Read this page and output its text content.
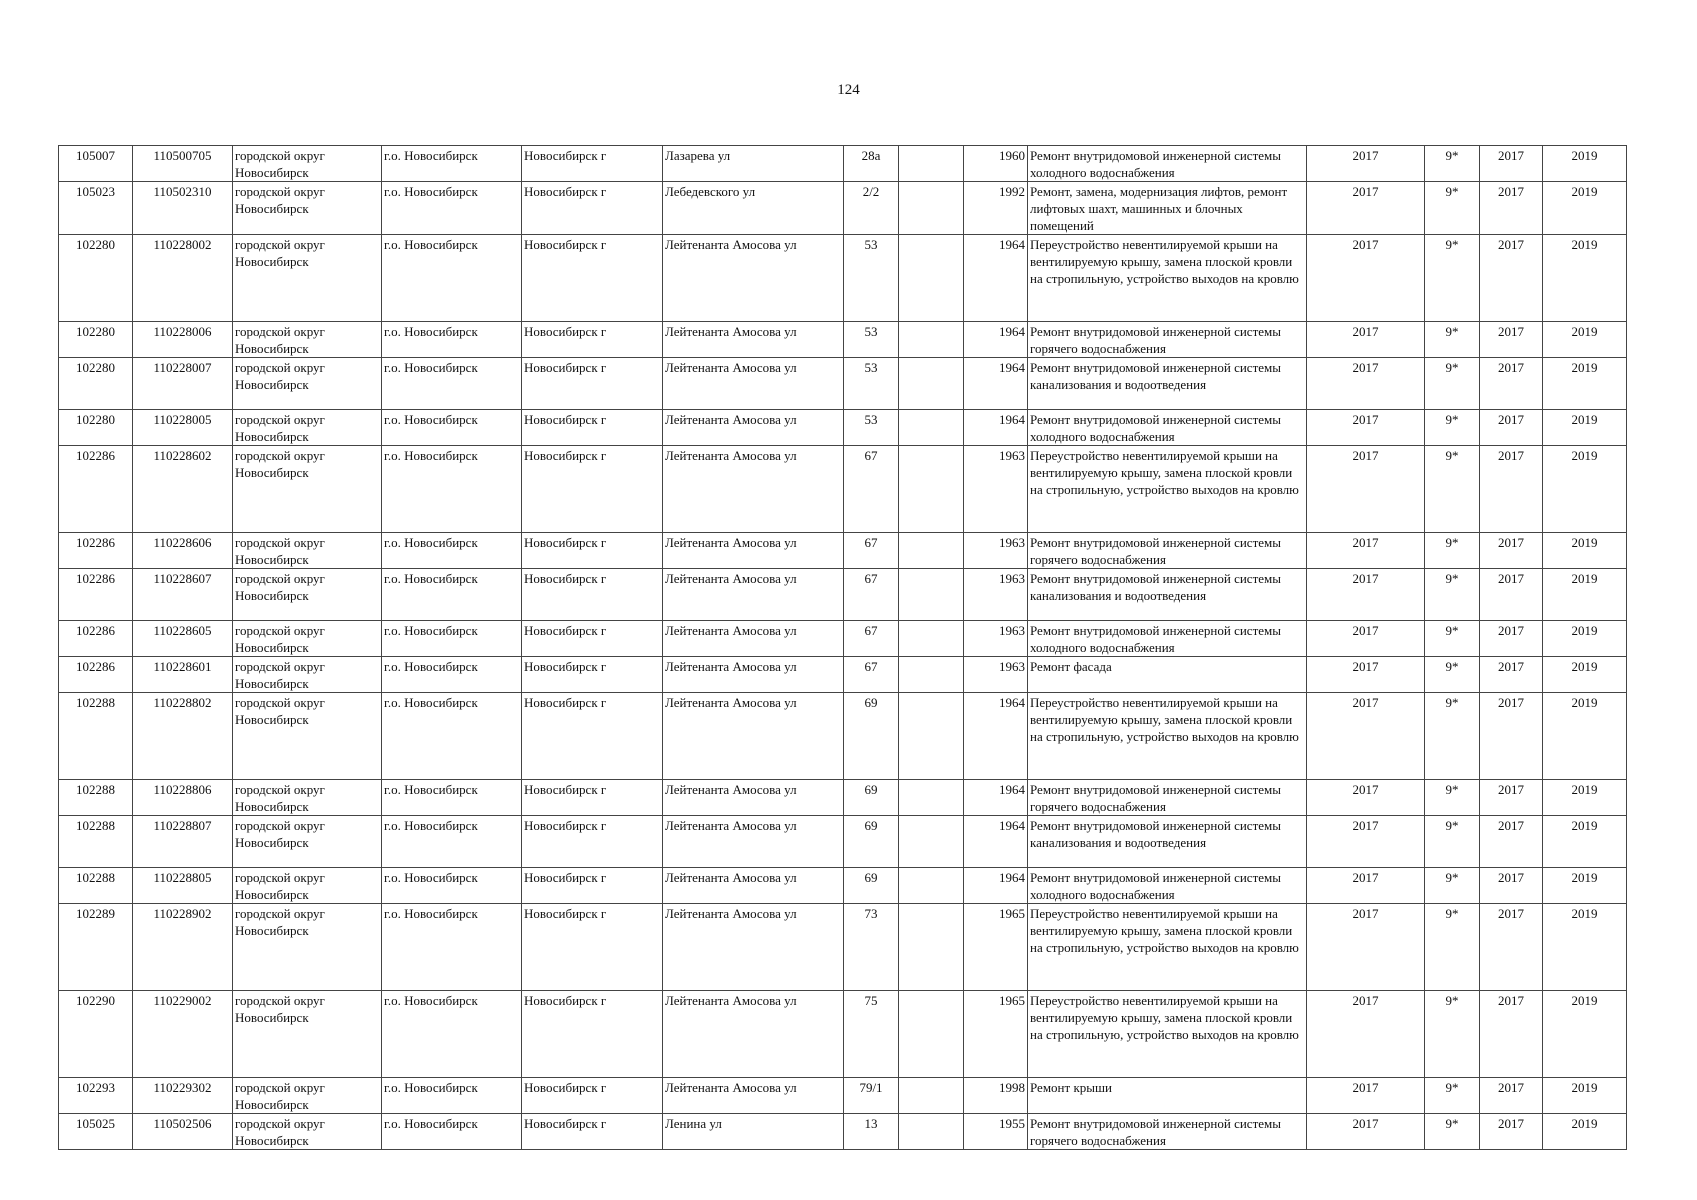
124
105007	110500705	городской округ Новосибирск	г.о. Новосибирск	Новосибирск г	Лазарева ул	28а		1960	Ремонт внутридомовой инженерной системы холодного водоснабжения	2017	9*	2017	2019
105023	110502310	городской округ Новосибирск	г.о. Новосибирск	Новосибирск г	Лебедевского ул	2/2		1992	Ремонт, замена, модернизация лифтов, ремонт лифтовых шахт, машинных и блочных помещений	2017	9*	2017	2019
102280	110228002	городской округ Новосибирск	г.о. Новосибирск	Новосибирск г	Лейтенанта Амосова ул	53		1964	Переустройство невентилируемой крыши на вентилируемую крышу, замена плоской кровли на стропильную, устройство выходов на кровлю	2017	9*	2017	2019
102280	110228006	городской округ Новосибирск	г.о. Новосибирск	Новосибирск г	Лейтенанта Амосова ул	53		1964	Ремонт внутридомовой инженерной системы горячего водоснабжения	2017	9*	2017	2019
102280	110228007	городской округ Новосибирск	г.о. Новосибирск	Новосибирск г	Лейтенанта Амосова ул	53		1964	Ремонт внутридомовой инженерной системы канализования и водоотведения	2017	9*	2017	2019
102280	110228005	городской округ Новосибирск	г.о. Новосибирск	Новосибирск г	Лейтенанта Амосова ул	53		1964	Ремонт внутридомовой инженерной системы холодного водоснабжения	2017	9*	2017	2019
102286	110228602	городской округ Новосибирск	г.о. Новосибирск	Новосибирск г	Лейтенанта Амосова ул	67		1963	Переустройство невентилируемой крыши на вентилируемую крышу, замена плоской кровли на стропильную, устройство выходов на кровлю	2017	9*	2017	2019
102286	110228606	городской округ Новосибирск	г.о. Новосибирск	Новосибирск г	Лейтенанта Амосова ул	67		1963	Ремонт внутридомовой инженерной системы горячего водоснабжения	2017	9*	2017	2019
102286	110228607	городской округ Новосибирск	г.о. Новосибирск	Новосибирск г	Лейтенанта Амосова ул	67		1963	Ремонт внутридомовой инженерной системы канализования и водоотведения	2017	9*	2017	2019
102286	110228605	городской округ Новосибирск	г.о. Новосибирск	Новосибирск г	Лейтенанта Амосова ул	67		1963	Ремонт внутридомовой инженерной системы холодного водоснабжения	2017	9*	2017	2019
102286	110228601	городской округ Новосибирск	г.о. Новосибирск	Новосибирск г	Лейтенанта Амосова ул	67		1963	Ремонт фасада	2017	9*	2017	2019
102288	110228802	городской округ Новосибирск	г.о. Новосибирск	Новосибирск г	Лейтенанта Амосова ул	69		1964	Переустройство невентилируемой крыши на вентилируемую крышу, замена плоской кровли на стропильную, устройство выходов на кровлю	2017	9*	2017	2019
102288	110228806	городской округ Новосибирск	г.о. Новосибирск	Новосибирск г	Лейтенанта Амосова ул	69		1964	Ремонт внутридомовой инженерной системы горячего водоснабжения	2017	9*	2017	2019
102288	110228807	городской округ Новосибирск	г.о. Новосибирск	Новосибирск г	Лейтенанта Амосова ул	69		1964	Ремонт внутридомовой инженерной системы канализования и водоотведения	2017	9*	2017	2019
102288	110228805	городской округ Новосибирск	г.о. Новосибирск	Новосибирск г	Лейтенанта Амосова ул	69		1964	Ремонт внутридомовой инженерной системы холодного водоснабжения	2017	9*	2017	2019
102289	110228902	городской округ Новосибирск	г.о. Новосибирск	Новосибирск г	Лейтенанта Амосова ул	73		1965	Переустройство невентилируемой крыши на вентилируемую крышу, замена плоской кровли на стропильную, устройство выходов на кровлю	2017	9*	2017	2019
102290	110229002	городской округ Новосибирск	г.о. Новосибирск	Новосибирск г	Лейтенанта Амосова ул	75		1965	Переустройство невентилируемой крыши на вентилируемую крышу, замена плоской кровли на стропильную, устройство выходов на кровлю	2017	9*	2017	2019
102293	110229302	городской округ Новосибирск	г.о. Новосибирск	Новосибирск г	Лейтенанта Амосова ул	79/1		1998	Ремонт крыши	2017	9*	2017	2019
105025	110502506	городской округ Новосибирск	г.о. Новосибирск	Новосибирск г	Ленина ул	13		1955	Ремонт внутридомовой инженерной системы горячего водоснабжения	2017	9*	2017	2019
